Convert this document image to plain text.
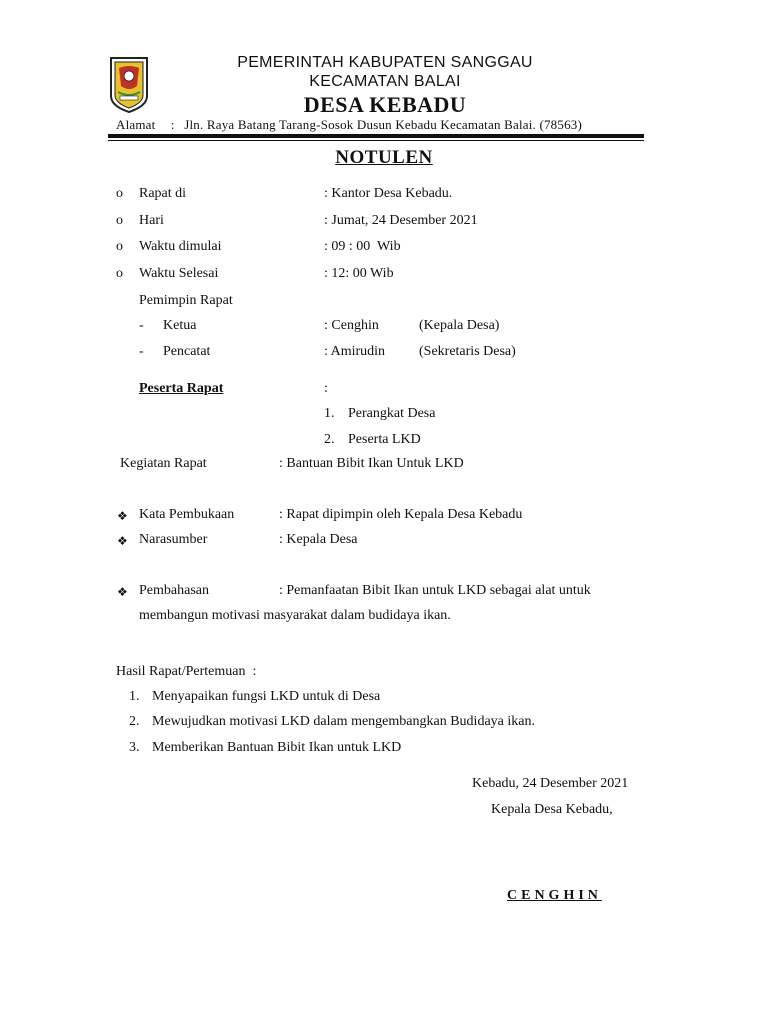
PEMERINTAH KABUPATEN SANGGAU
KECAMATAN BALAI
DESA KEBADU
Alamat : Jln. Raya Batang Tarang-Sosok Dusun Kebadu Kecamatan Balai. (78563)
NOTULEN
o Rapat di	: Kantor Desa Kebadu.
o Hari	: Jumat, 24 Desember 2021
o Waktu dimulai	: 09 : 00  Wib
o Waktu Selesai	: 12: 00 Wib
Pemimpin Rapat
- Ketua	: Cenghin	(Kepala Desa)
- Pencatat	: Amirudin (Sekretaris Desa)
Peserta Rapat	:
1. Perangkat Desa
2. Peserta LKD
Kegiatan Rapat	: Bantuan Bibit Ikan Untuk LKD
❖ Kata Pembukaan	: Rapat dipimpin oleh Kepala Desa Kebadu
❖ Narasumber	: Kepala Desa
❖ Pembahasan	: Pemanfaatan Bibit Ikan untuk LKD sebagai alat untuk
membangun motivasi masyarakat dalam budidaya ikan.
Hasil Rapat/Pertemuan  :
1. Menyapaikan fungsi LKD untuk di Desa
2. Mewujudkan motivasi LKD dalam mengembangkan Budidaya ikan.
3. Memberikan Bantuan Bibit Ikan untuk LKD
Kebadu, 24 Desember 2021
Kepala Desa Kebadu,
CENGHIN
